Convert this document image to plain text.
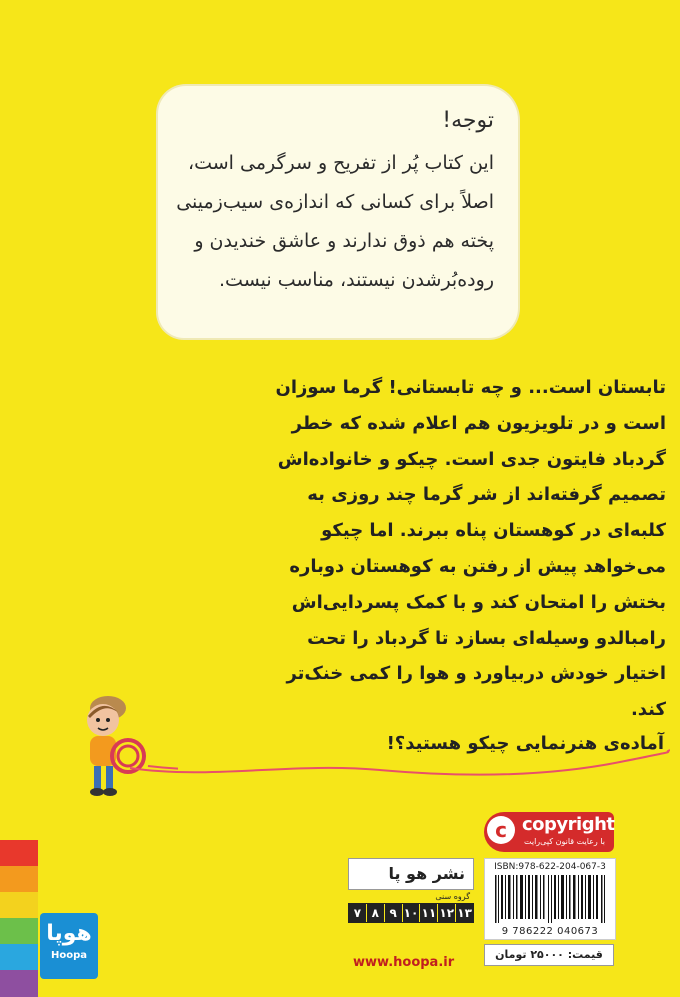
توجه!
این کتاب پُر از تفریح و سرگرمی است،
اصلاً برای کسانی که اندازه‌ی سیب‌زمینی
پخته هم ذوق ندارند و عاشق خندیدن و
روده‌بُرشدن نیستند، مناسب نیست.
تابستان است... و چه تابستانی! گرما سوزان
است و در تلویزیون هم اعلام شده که خطر
گردباد فایتون جدی است. چیکو و خانواده‌اش
تصمیم گرفته‌اند از شر گرما چند روزی به
کلبه‌ای در کوهستان پناه ببرند. اما چیکو
می‌خواهد پیش از رفتن به کوهستان دوباره
بختش را امتحان کند و با کمک پسردایی‌اش
رامبالدو وسیله‌ای بسازد تا گردباد را تحت
اختیار خودش دربیاورد و هوا را کمی خنک‌تر
کند.
آماده‌ی هنرنمایی چیکو هستید؟!
c copyright
با رعایت قانون کپی‌رایت
نشر هو پا
گروه سنی
۷ ۸ ۹ ۱۰ ۱۱ ۱۲ ۱۳
www.hoopa.ir
ISBN:978-622-204-067-3
9 786222 040673
قیمت: ۲۵۰۰۰ تومان
هوپا
Hoopa
